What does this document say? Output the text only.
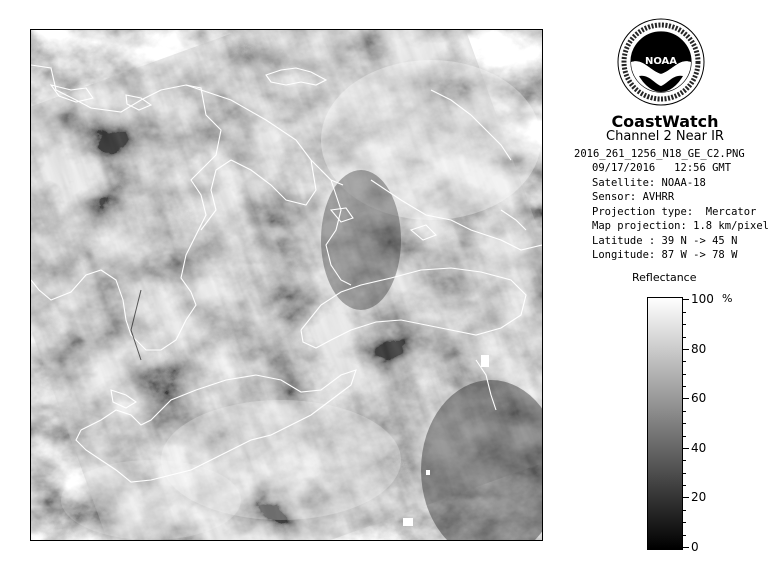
NOAA
CoastWatch
Channel 2 Near IR
2016_261_1256_N18_GE_C2.PNG
09/17/2016   12:56 GMT
Satellite: NOAA-18
Sensor: AVHRR
Projection type:  Mercator
Map projection: 1.8 km/pixel
Latitude : 39 N -> 45 N
Longitude: 87 W -> 78 W
Reflectance
%
100
80
60
40
20
0
